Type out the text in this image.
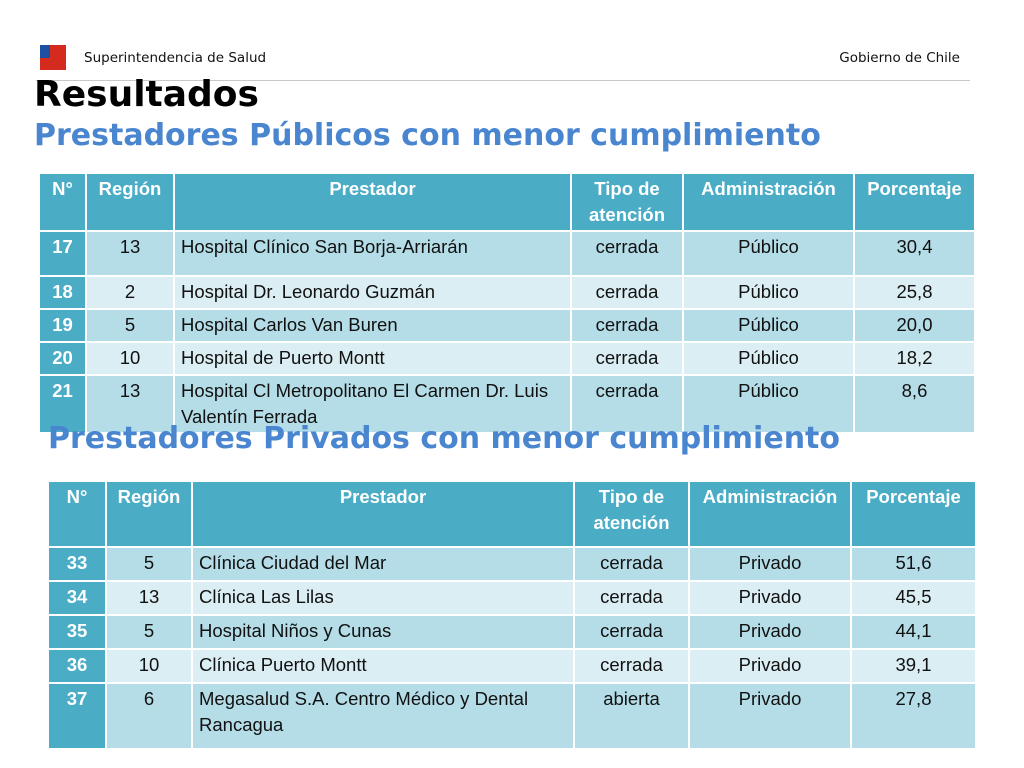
Superintendencia de Salud	Gobierno de Chile
Resultados
Prestadores Públicos con menor cumplimiento
N°	Región	Prestador	Tipo de atención	Administración	Porcentaje
17	13	Hospital Clínico San Borja-Arriarán	cerrada	Público	30,4
18	2	Hospital Dr. Leonardo Guzmán	cerrada	Público	25,8
19	5	Hospital Carlos Van Buren	cerrada	Público	20,0
20	10	Hospital de Puerto Montt	cerrada	Público	18,2
21	13	Hospital Cl Metropolitano El Carmen Dr. Luis Valentín Ferrada	cerrada	Público	8,6
Prestadores Privados con menor cumplimiento
N°	Región	Prestador	Tipo de atención	Administración	Porcentaje
33	5	Clínica Ciudad del Mar	cerrada	Privado	51,6
34	13	Clínica Las Lilas	cerrada	Privado	45,5
35	5	Hospital Niños y Cunas	cerrada	Privado	44,1
36	10	Clínica Puerto Montt	cerrada	Privado	39,1
37	6	Megasalud S.A. Centro Médico y Dental Rancagua	abierta	Privado	27,8
